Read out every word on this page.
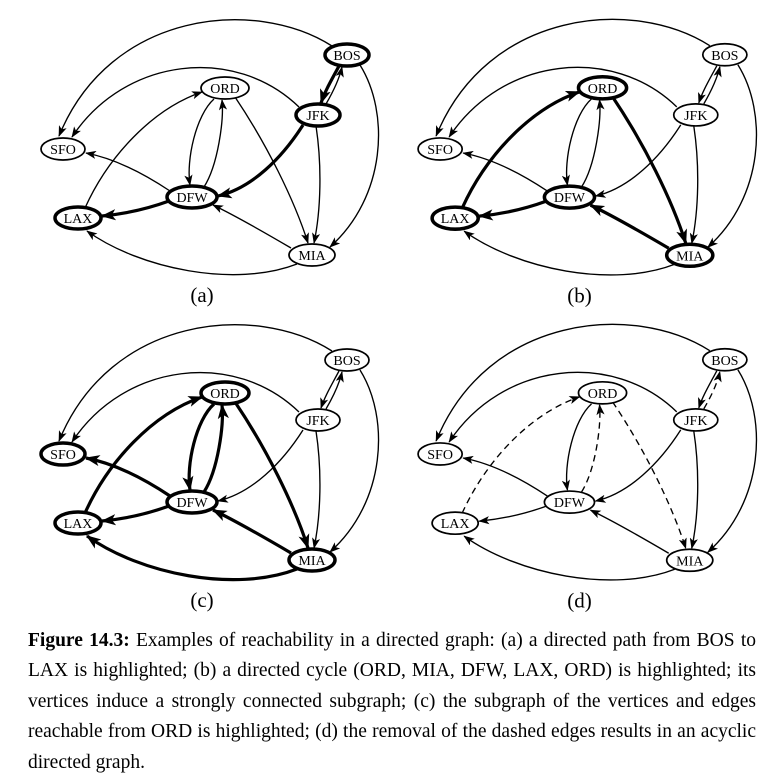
(a)
BOS
ORD
JFK
SFO
DFW
LAX
MIA
(b)
BOS
ORD
JFK
SFO
DFW
LAX
MIA
(c)
BOS
ORD
JFK
SFO
DFW
LAX
MIA
(d)
BOS
ORD
JFK
SFO
DFW
LAX
MIA

Figure 14.3: Examples of reachability in a directed graph: (a) a directed path from BOS to LAX is highlighted; (b) a directed cycle (ORD, MIA, DFW, LAX, ORD) is highlighted; its vertices induce a strongly connected subgraph; (c) the subgraph of the vertices and edges reachable from ORD is highlighted; (d) the removal of the dashed edges results in an acyclic directed graph.
